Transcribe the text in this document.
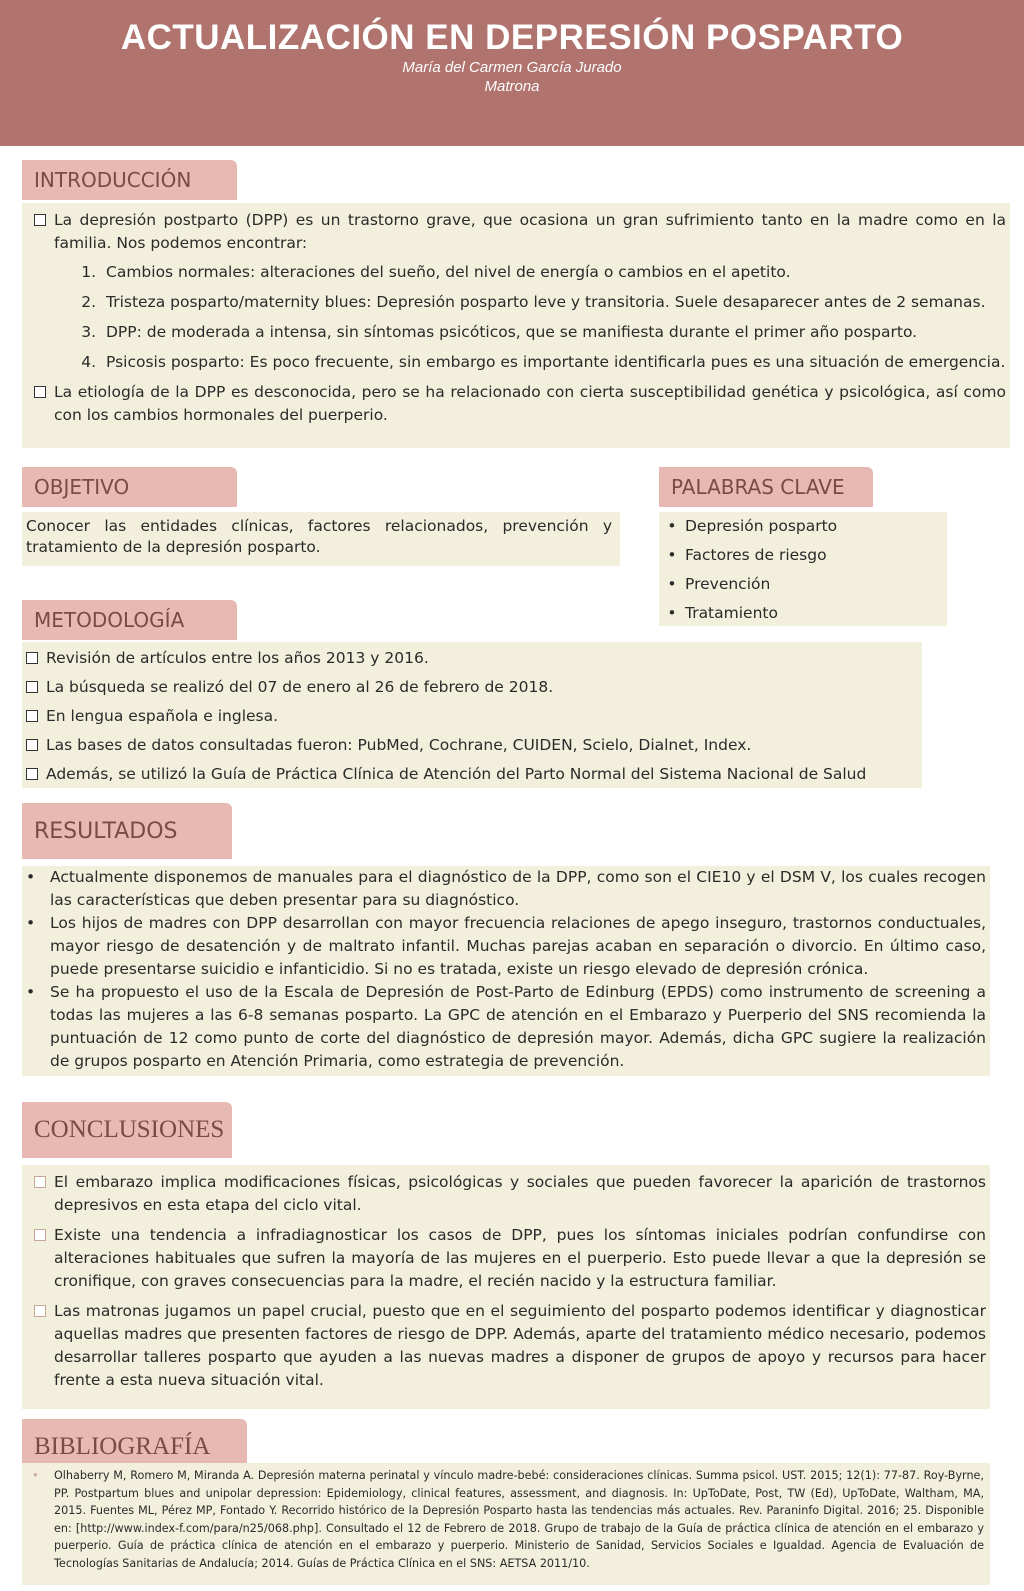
ACTUALIZACIÓN EN DEPRESIÓN POSPARTO
María del Carmen García Jurado
Matrona
INTRODUCCIÓN
La depresión postparto (DPP) es un trastorno grave, que ocasiona un gran sufrimiento tanto en la madre como en la familia. Nos podemos encontrar:
1. Cambios normales: alteraciones del sueño, del nivel de energía o cambios en el apetito.
2. Tristeza posparto/maternity blues: Depresión posparto leve y transitoria. Suele desaparecer antes de 2 semanas.
3. DPP: de moderada a intensa, sin síntomas psicóticos, que se manifiesta durante el primer año posparto.
4. Psicosis posparto: Es poco frecuente, sin embargo es importante identificarla pues es una situación de emergencia.
La etiología de la DPP es desconocida, pero se ha relacionado con cierta susceptibilidad genética y psicológica, así como con los cambios hormonales del puerperio.
OBJETIVO
Conocer las entidades clínicas, factores relacionados, prevención y tratamiento de la depresión posparto.
PALABRAS CLAVE
• Depresión posparto
• Factores de riesgo
• Prevención
• Tratamiento
METODOLOGÍA
Revisión de artículos entre los años 2013 y 2016.
La búsqueda se realizó del 07 de enero al 26 de febrero de 2018.
En lengua española e inglesa.
Las bases de datos consultadas fueron: PubMed, Cochrane, CUIDEN, Scielo, Dialnet, Index.
Además, se utilizó la Guía de Práctica Clínica de Atención del Parto Normal del Sistema Nacional de Salud
RESULTADOS
• Actualmente disponemos de manuales para el diagnóstico de la DPP, como son el CIE10 y el DSM V, los cuales recogen las características que deben presentar para su diagnóstico.
• Los hijos de madres con DPP desarrollan con mayor frecuencia relaciones de apego inseguro, trastornos conductuales, mayor riesgo de desatención y de maltrato infantil. Muchas parejas acaban en separación o divorcio. En último caso, puede presentarse suicidio e infanticidio. Si no es tratada, existe un riesgo elevado de depresión crónica.
• Se ha propuesto el uso de la Escala de Depresión de Post-Parto de Edinburg (EPDS) como instrumento de screening a todas las mujeres a las 6-8 semanas posparto. La GPC de atención en el Embarazo y Puerperio del SNS recomienda la puntuación de 12 como punto de corte del diagnóstico de depresión mayor. Además, dicha GPC sugiere la realización de grupos posparto en Atención Primaria, como estrategia de prevención.
CONCLUSIONES
El embarazo implica modificaciones físicas, psicológicas y sociales que pueden favorecer la aparición de trastornos depresivos en esta etapa del ciclo vital.
Existe una tendencia a infradiagnosticar los casos de DPP, pues los síntomas iniciales podrían confundirse con alteraciones habituales que sufren la mayoría de las mujeres en el puerperio. Esto puede llevar a que la depresión se cronifique, con graves consecuencias para la madre, el recién nacido y la estructura familiar.
Las matronas jugamos un papel crucial, puesto que en el seguimiento del posparto podemos identificar y diagnosticar aquellas madres que presenten factores de riesgo de DPP. Además, aparte del tratamiento médico necesario, podemos desarrollar talleres posparto que ayuden a las nuevas madres a disponer de grupos de apoyo y recursos para hacer frente a esta nueva situación vital.
BIBLIOGRAFÍA
•	Olhaberry M, Romero M, Miranda A. Depresión materna perinatal y vínculo madre-bebé: consideraciones clínicas. Summa psicol. UST. 2015; 12(1): 77-87. Roy-Byrne, PP. Postpartum blues and unipolar depression: Epidemiology, clinical features, assessment, and diagnosis. In: UpToDate, Post, TW (Ed), UpToDate, Waltham, MA, 2015. Fuentes ML, Pérez MP, Fontado Y. Recorrido histórico de la Depresión Posparto hasta las tendencias más actuales. Rev. Paraninfo Digital. 2016; 25. Disponible en: [http://www.index-f.com/para/n25/068.php]. Consultado el 12 de Febrero de 2018. Grupo de trabajo de la Guía de práctica clínica de atención en el embarazo y puerperio. Guía de práctica clínica de atención en el embarazo y puerperio. Ministerio de Sanidad, Servicios Sociales e Igualdad. Agencia de Evaluación de Tecnologías Sanitarias de Andalucía; 2014. Guías de Práctica Clínica en el SNS: AETSA 2011/10.
